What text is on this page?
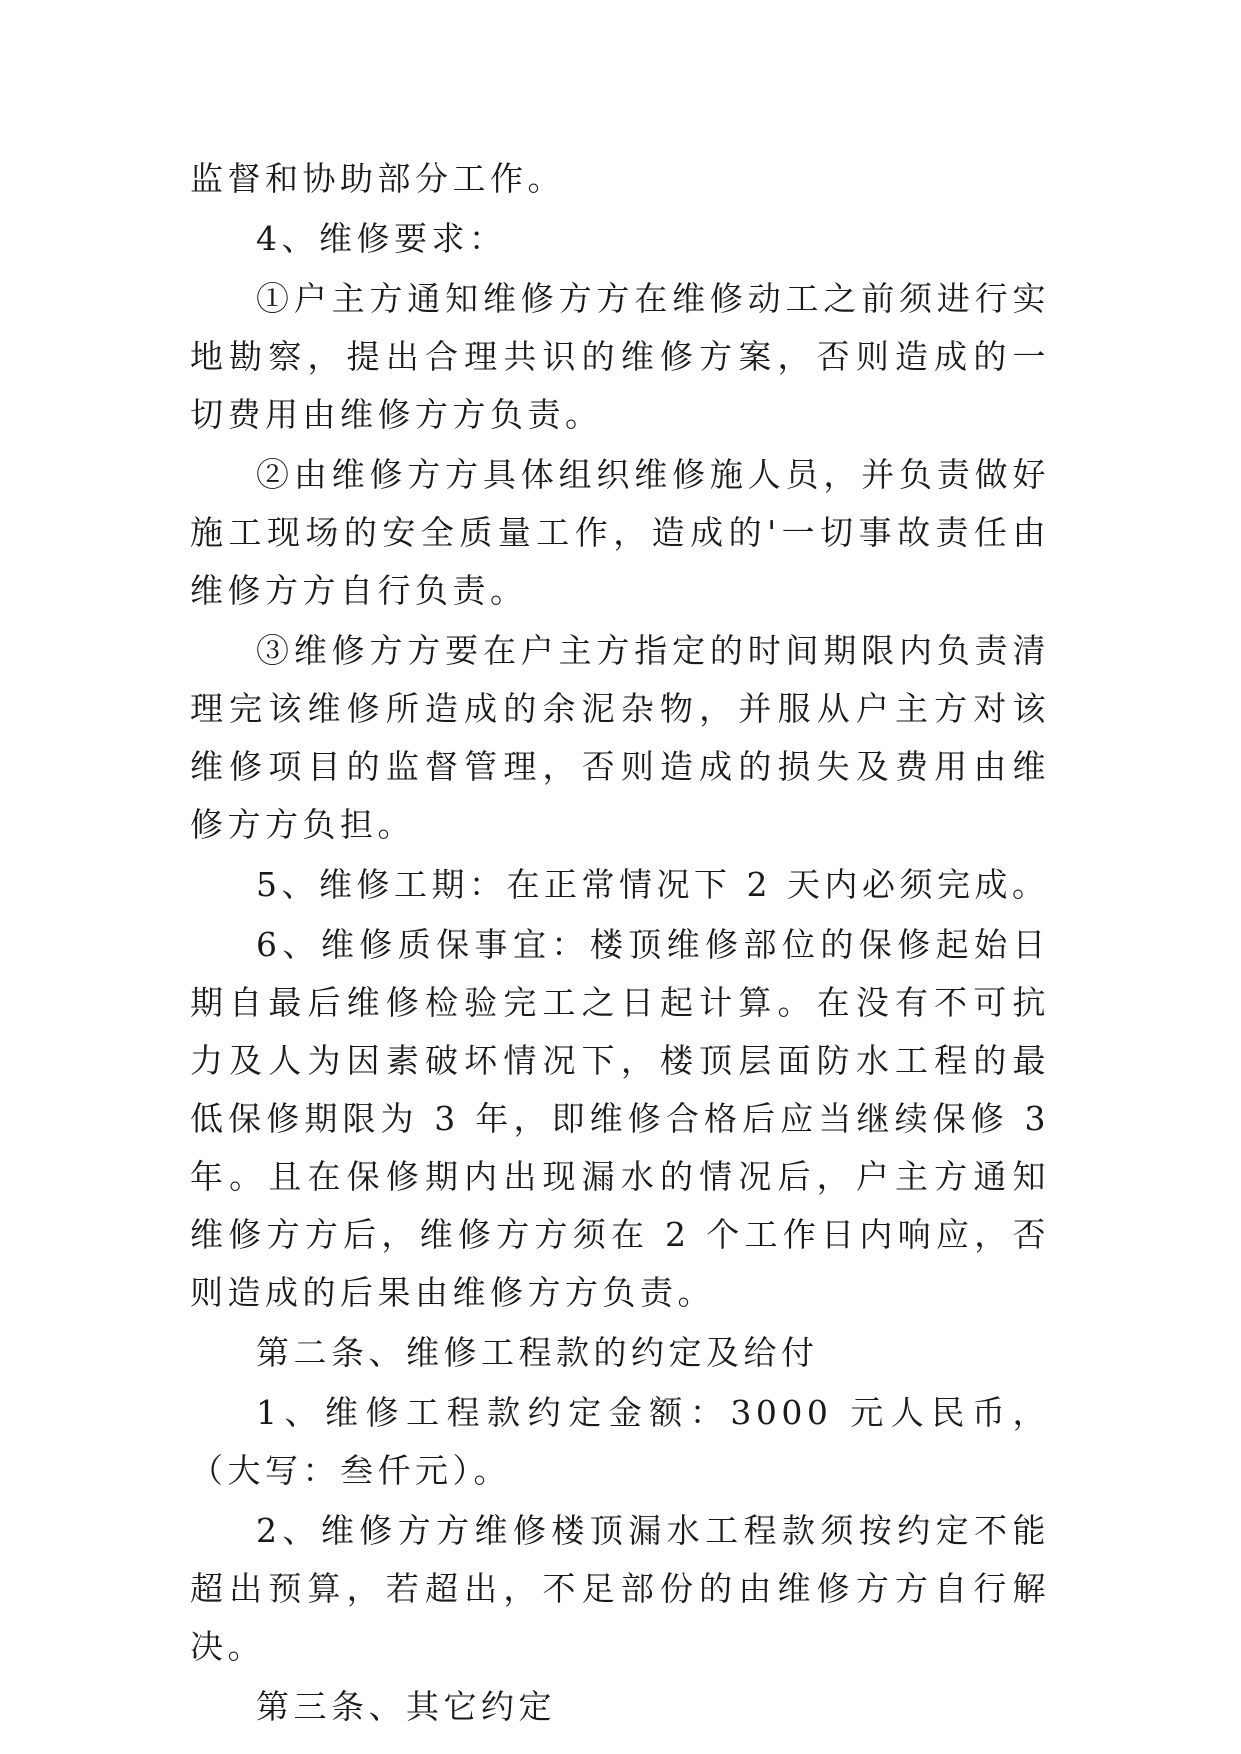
监督和协助部分工作。

4、维修要求：

①户主方通知维修方方在维修动工之前须进行实地勘察，提出合理共识的维修方案，否则造成的一切费用由维修方方负责。

②由维修方方具体组织维修施人员，并负责做好施工现场的安全质量工作，造成的'一切事故责任由维修方方自行负责。

③维修方方要在户主方指定的时间期限内负责清理完该维修所造成的余泥杂物，并服从户主方对该维修项目的监督管理，否则造成的损失及费用由维修方方负担。

5、维修工期：在正常情况下 2 天内必须完成。

6、维修质保事宜：楼顶维修部位的保修起始日期自最后维修检验完工之日起计算。在没有不可抗力及人为因素破坏情况下，楼顶层面防水工程的最低保修期限为 3 年，即维修合格后应当继续保修 3 年。且在保修期内出现漏水的情况后，户主方通知维修方方后，维修方方须在 2 个工作日内响应，否则造成的后果由维修方方负责。

第二条、维修工程款的约定及给付

1、维修工程款约定金额：3000 元人民币，（大写：叁仟元）。

2、维修方方维修楼顶漏水工程款须按约定不能超出预算，若超出，不足部份的由维修方方自行解决。

第三条、其它约定
